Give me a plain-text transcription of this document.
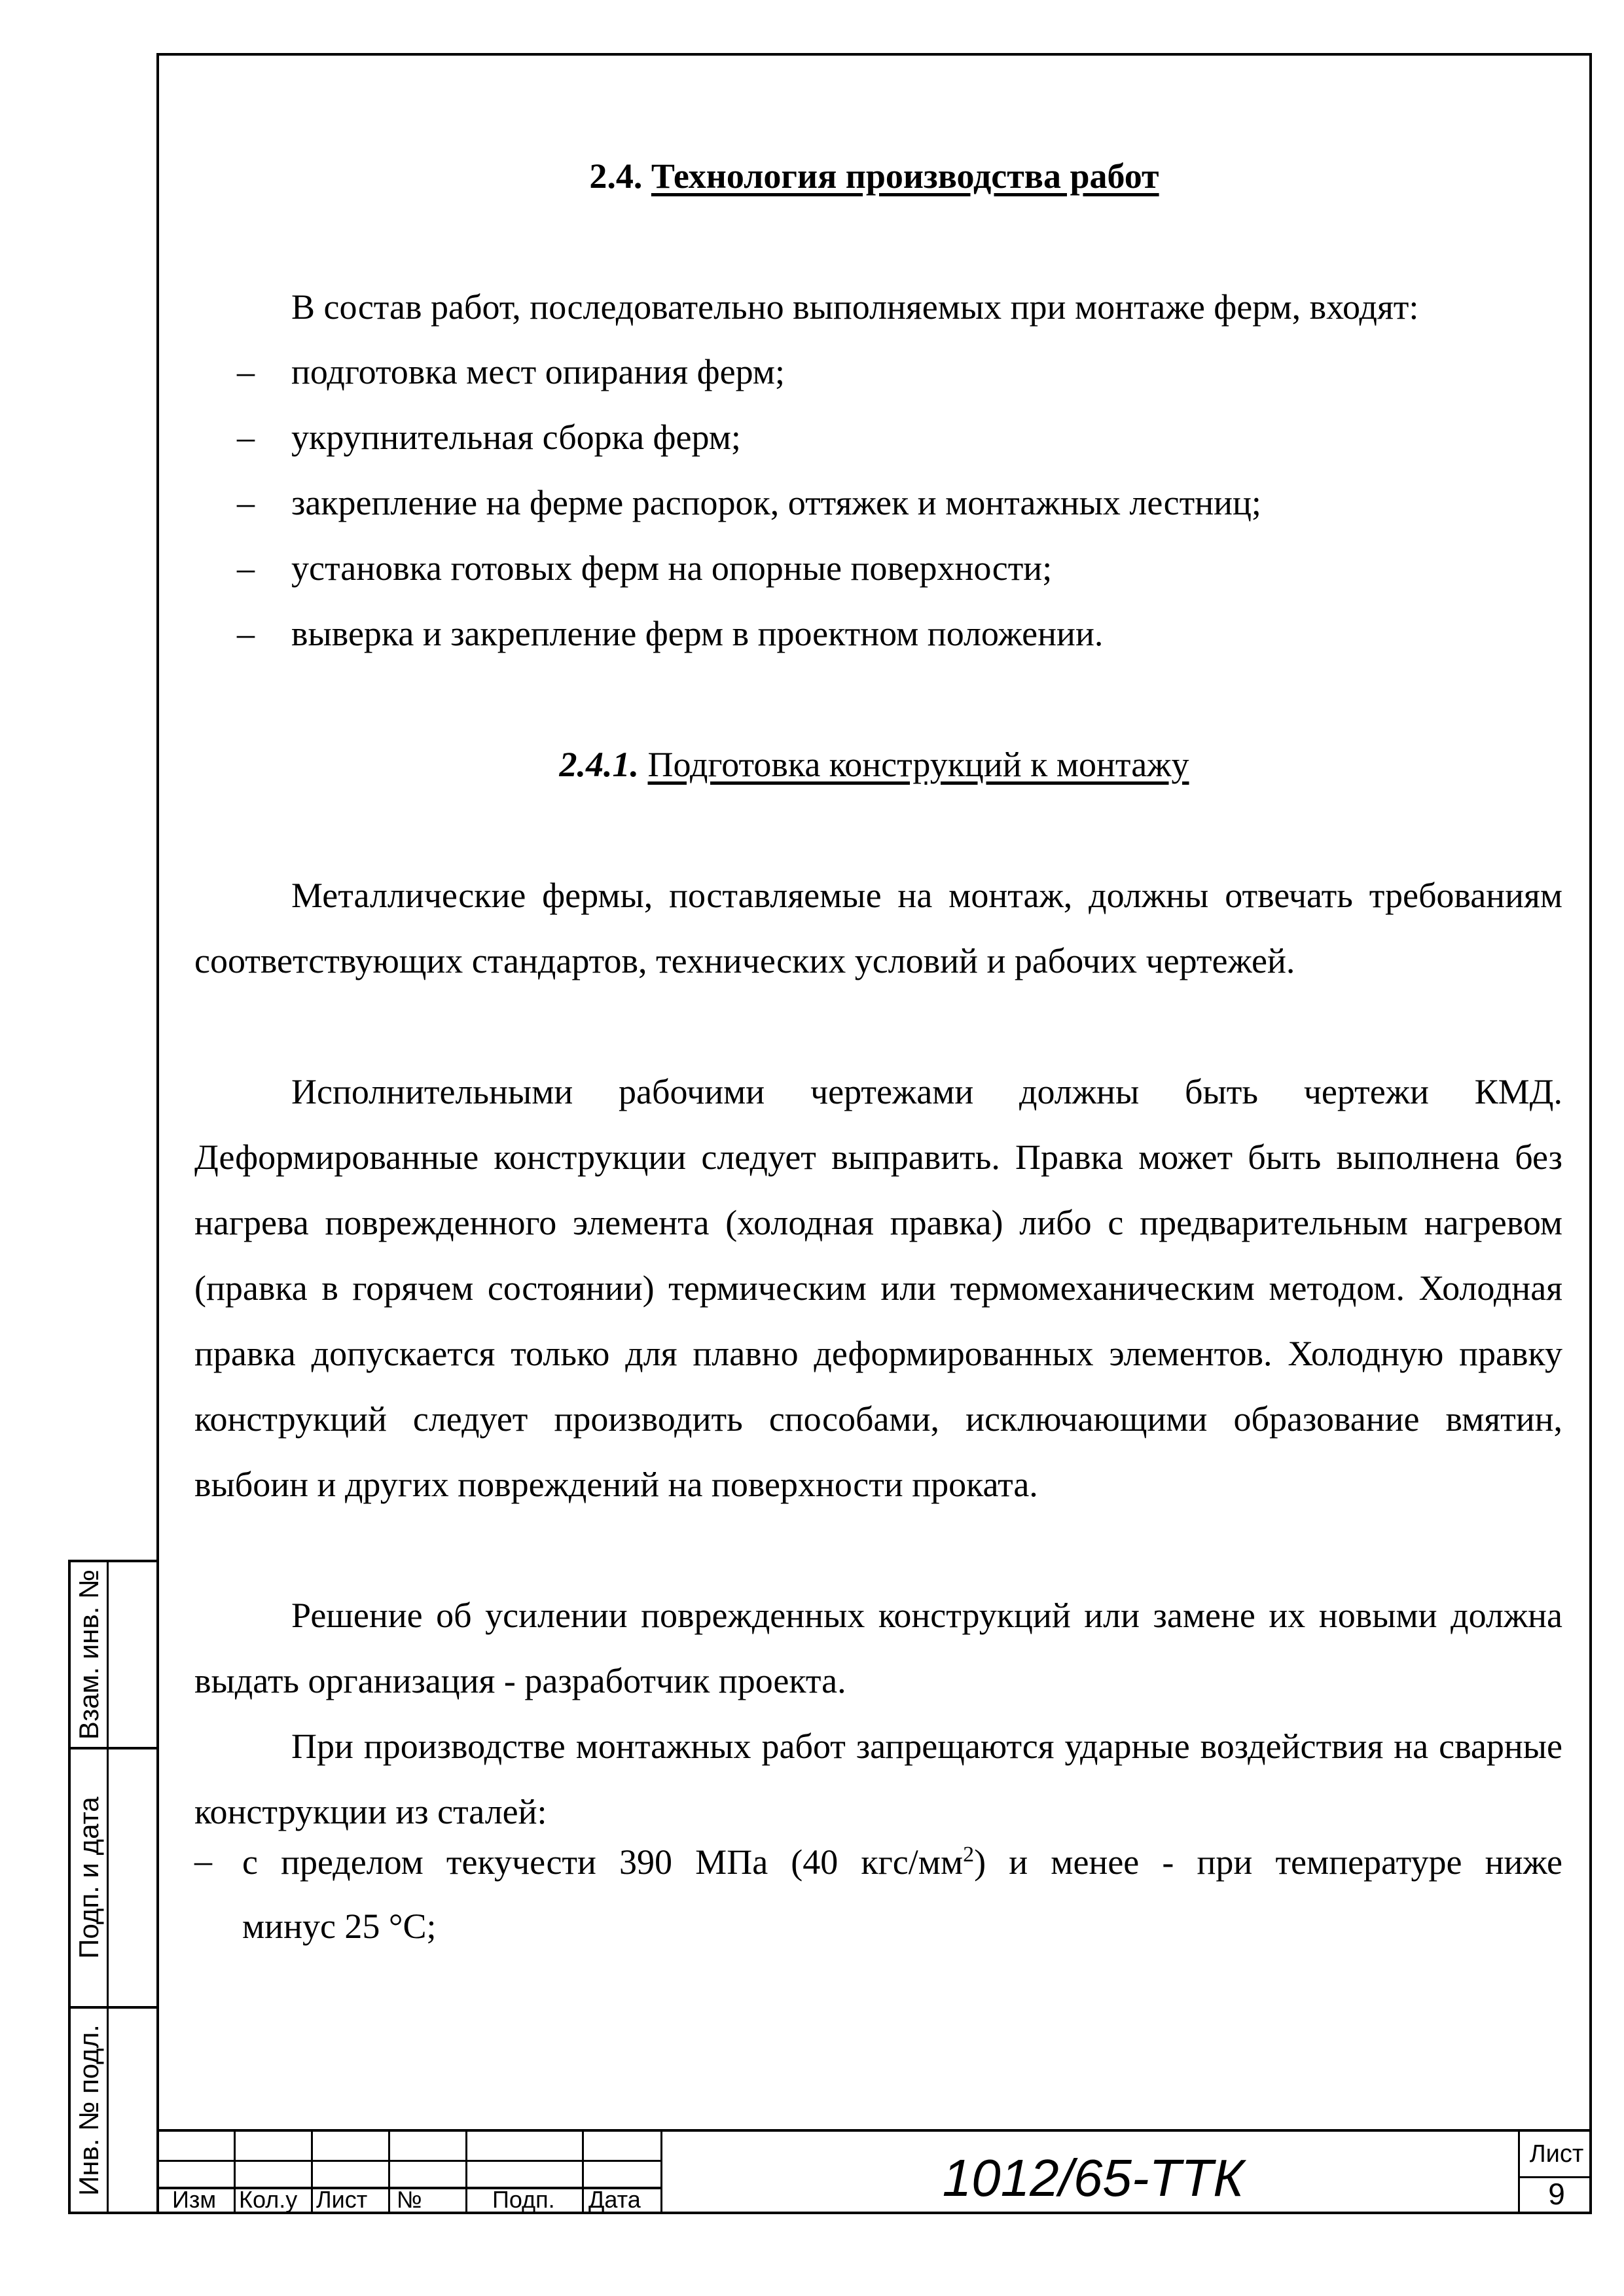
Взам. инв. №
Подп. и дата
Инв. № подл.
2.4. Технология производства работ
В состав работ, последовательно выполняемых при монтаже ферм, входят:
– подготовка мест опирания ферм;
– укрупнительная сборка ферм;
– закрепление на ферме распорок, оттяжек и монтажных лестниц;
– установка готовых ферм на опорные поверхности;
– выверка и закрепление ферм в проектном положении.
2.4.1. Подготовка конструкций к монтажу
Металлические фермы, поставляемые на монтаж, должны отвечать требованиям соответствующих стандартов, технических условий и рабочих чертежей.
Исполнительными рабочими чертежами должны быть чертежи КМД. Деформированные конструкции следует выправить. Правка может быть выполнена без нагрева поврежденного элемента (холодная правка) либо с предварительным нагревом (правка в горячем состоянии) термическим или термомеханическим методом. Холодная правка допускается только для плавно деформированных элементов. Холодную правку конструкций следует производить способами, исключающими образование вмятин, выбоин и других повреждений на поверхности проката.
Решение об усилении поврежденных конструкций или замене их новыми должна выдать организация - разработчик проекта.
При производстве монтажных работ запрещаются ударные воздействия на сварные конструкции из сталей:
– с пределом текучести 390 МПа (40 кгс/$мм^2$) и менее - при температуре ниже
минус 25 °С;
Изм Кол.у Лист №	Подп. Дата	1012/65-ТТК	Лист
9
